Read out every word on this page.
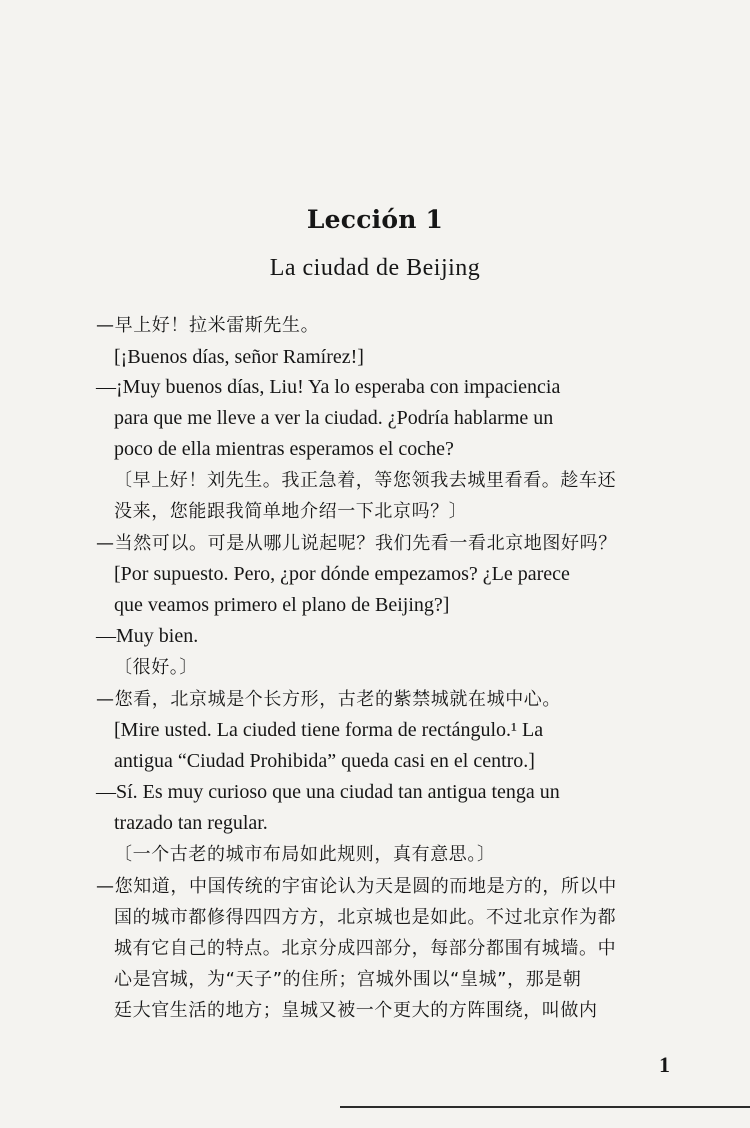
Lección 1
La ciudad de Beijing
—早上好！拉米雷斯先生。
[¡Buenos días, señor Ramírez!]
—¡Muy buenos días, Liu! Ya lo esperaba con impaciencia
para que me lleve a ver la ciudad. ¿Podría hablarme un
poco de ella mientras esperamos el coche?
〔早上好！刘先生。我正急着，等您领我去城里看看。趁车还
没来，您能跟我简单地介绍一下北京吗？〕
—当然可以。可是从哪儿说起呢？我们先看一看北京地图好吗？
[Por supuesto. Pero, ¿por dónde empezamos? ¿Le parece
que veamos primero el plano de Beijing?]
—Muy bien.
〔很好。〕
—您看，北京城是个长方形，古老的紫禁城就在城中心。
[Mire usted. La ciuded tiene forma de rectángulo.¹ La
antigua “Ciudad Prohibida” queda casi en el centro.]
—Sí. Es muy curioso que una ciudad tan antigua tenga un
trazado tan regular.
〔一个古老的城市布局如此规则，真有意思。〕
—您知道，中国传统的宇宙论认为天是圆的而地是方的，所以中
国的城市都修得四四方方，北京城也是如此。不过北京作为都
城有它自己的特点。北京分成四部分，每部分都围有城墙。中
心是宫城，为“天子”的住所；宫城外围以“皇城”，那是朝
廷大官生活的地方；皇城又被一个更大的方阵围绕，叫做内
1
